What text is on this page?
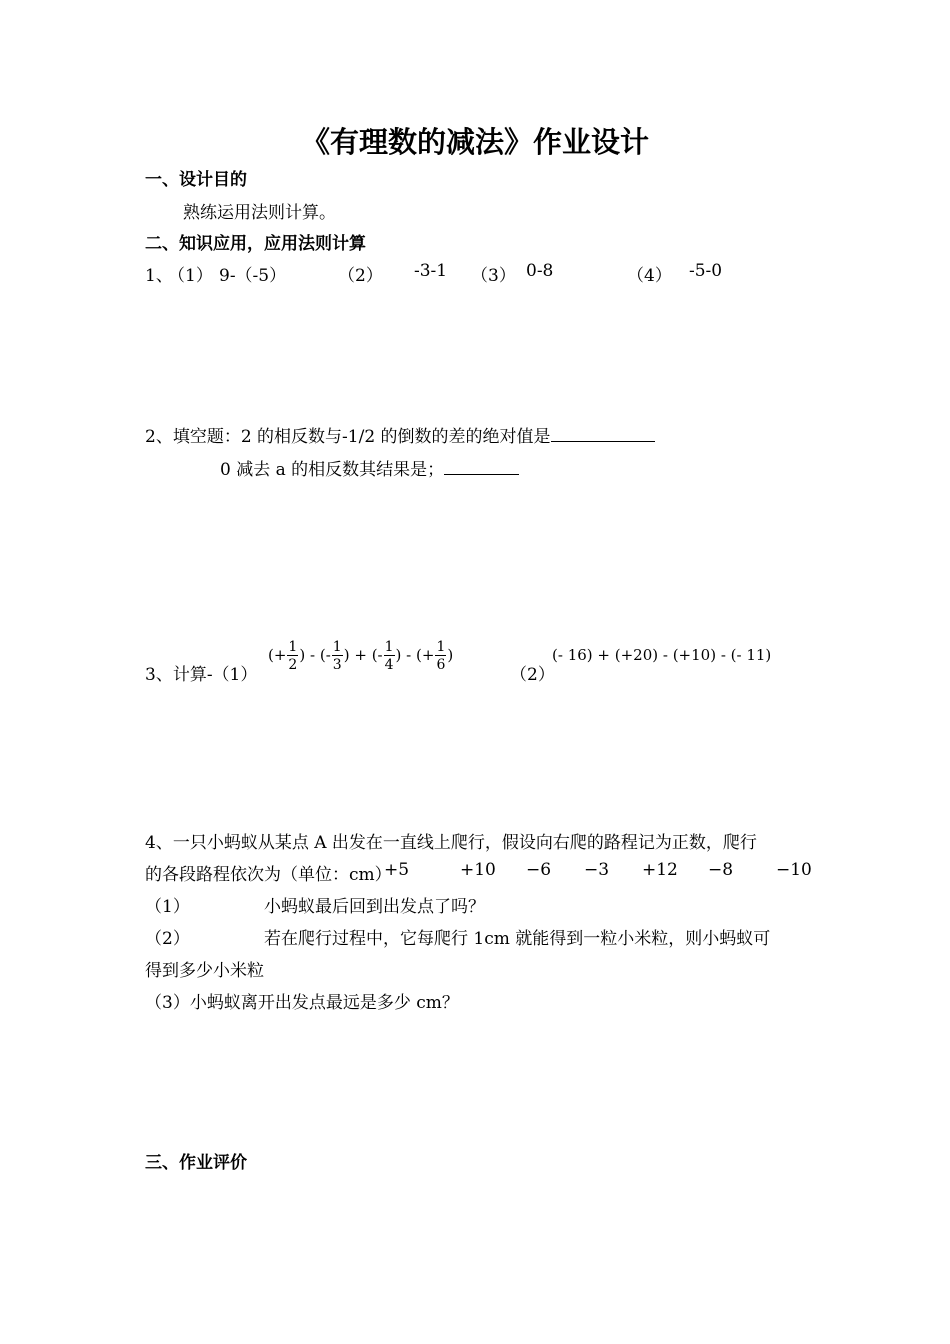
《有理数的减法》作业设计
一、设计目的
熟练运用法则计算。
二、知识应用，应用法则计算
1、
（1） 9-（-5）	（2） -3-1 （3） 0-8	（4） -5-0
2、填空题：2 的相反数与-1/2 的倒数的差的绝对值是
0 减去 a 的相反数其结果是；
3、计算-（1）
(+ $\frac{1}{2}$ ) - (- $\frac{1}{3}$ ) + (- $\frac{1}{4}$ ) - (+ $\frac{1}{6}$ )
（2）
(- 16) + (+20) - (+10) - (- 11)
4、一只小蚂蚁从某点 A 出发在一直线上爬行，假设向右爬的路程记为正数，爬行
的各段路程依次为（单位：cm）
+5	+10 −6 −3 +12 −8	−10
（1）	小蚂蚁最后回到出发点了吗？
（2）	若在爬行过程中，它每爬行 1cm 就能得到一粒小米粒，则小蚂蚁可
得到多少小米粒
（3）小蚂蚁离开出发点最远是多少 cm？
三、作业评价
